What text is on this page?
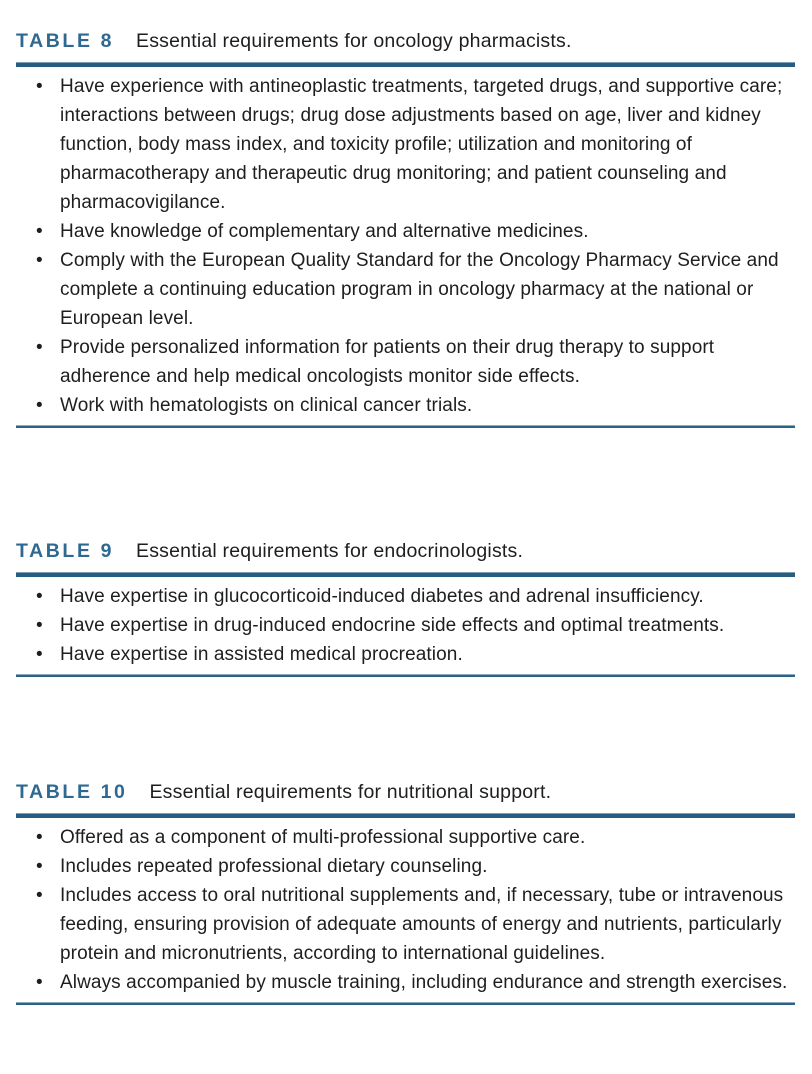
TABLE 8 Essential requirements for oncology pharmacists.
• Have experience with antineoplastic treatments, targeted drugs, and supportive care; interactions between drugs; drug dose adjustments based on age, liver and kidney function, body mass index, and toxicity profile; utilization and monitoring of pharmacotherapy and therapeutic drug monitoring; and patient counseling and pharmacovigilance.
• Have knowledge of complementary and alternative medicines.
• Comply with the European Quality Standard for the Oncology Pharmacy Service and complete a continuing education program in oncology pharmacy at the national or European level.
• Provide personalized information for patients on their drug therapy to support adherence and help medical oncologists monitor side effects.
• Work with hematologists on clinical cancer trials.
TABLE 9 Essential requirements for endocrinologists.
• Have expertise in glucocorticoid-induced diabetes and adrenal insufficiency.
• Have expertise in drug-induced endocrine side effects and optimal treatments.
• Have expertise in assisted medical procreation.
TABLE 10 Essential requirements for nutritional support.
• Offered as a component of multi-professional supportive care.
• Includes repeated professional dietary counseling.
• Includes access to oral nutritional supplements and, if necessary, tube or intravenous feeding, ensuring provision of adequate amounts of energy and nutrients, particularly protein and micronutrients, according to international guidelines.
• Always accompanied by muscle training, including endurance and strength exercises.
